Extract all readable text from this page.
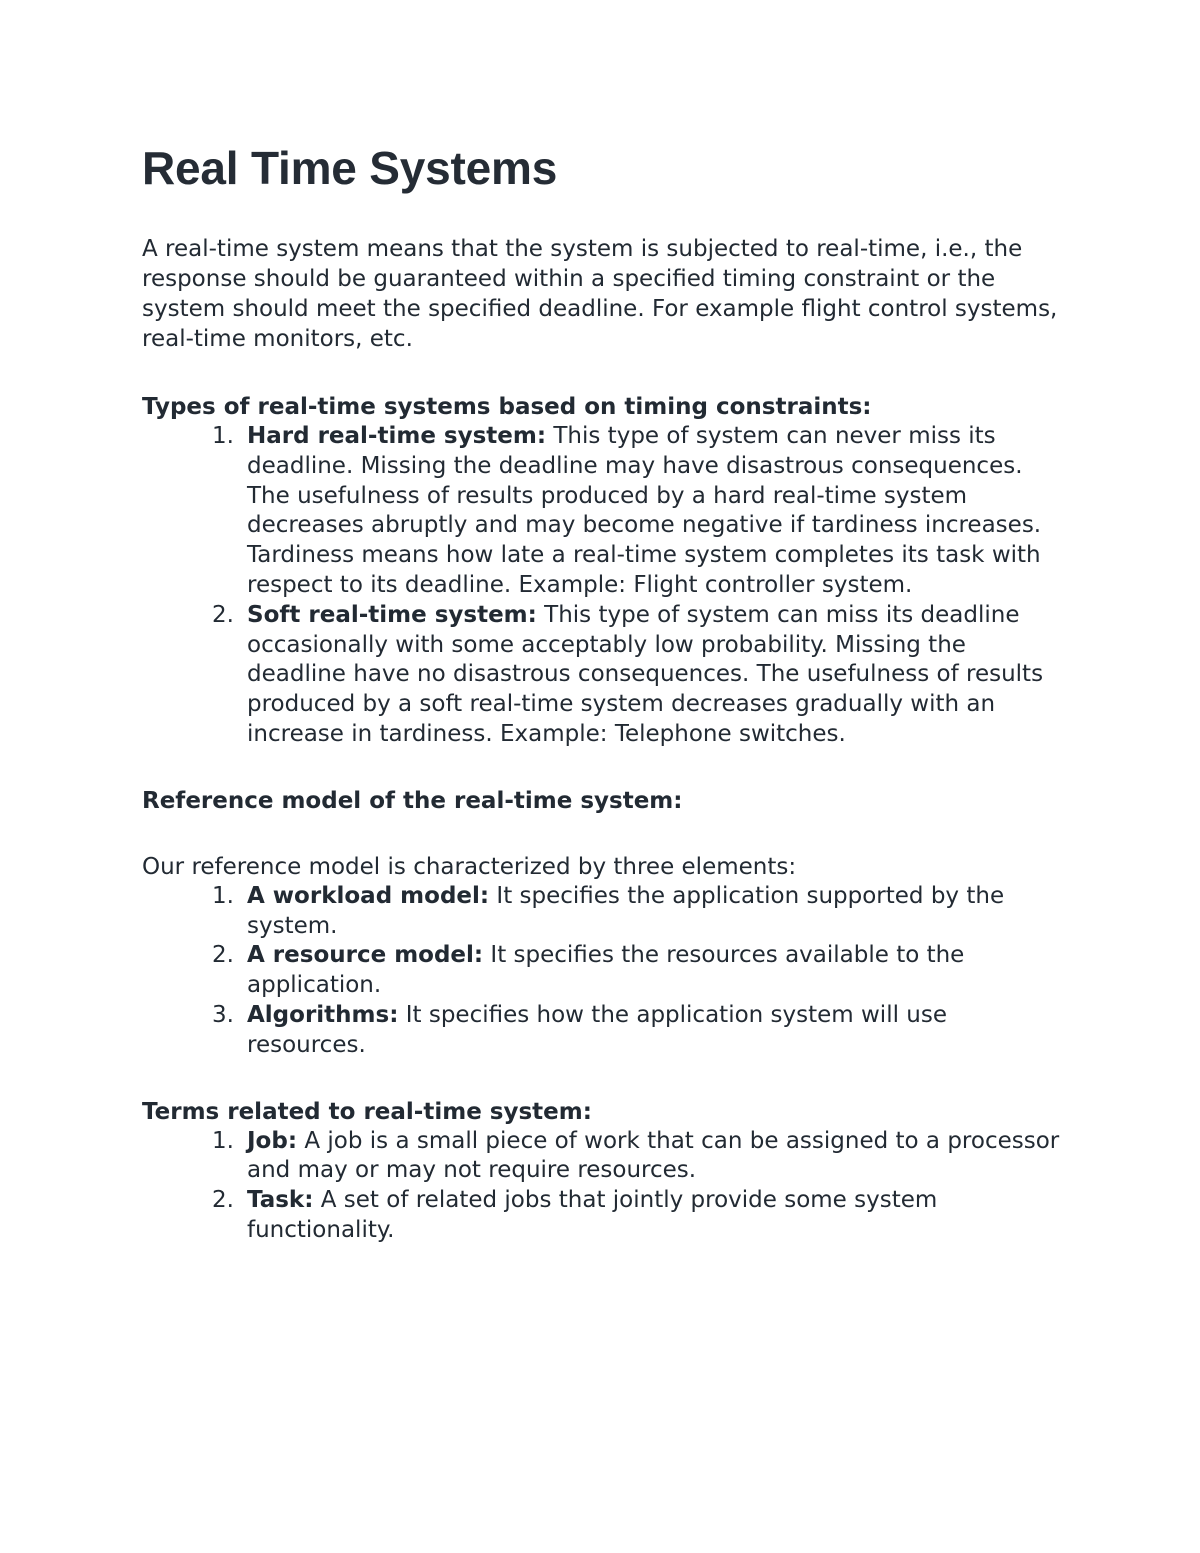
Real Time Systems

A real-time system means that the system is subjected to real-time, i.e., the response should be guaranteed within a specified timing constraint or the system should meet the specified deadline. For example flight control systems, real-time monitors, etc.

Types of real-time systems based on timing constraints:
1. Hard real-time system: This type of system can never miss its deadline. Missing the deadline may have disastrous consequences. The usefulness of results produced by a hard real-time system decreases abruptly and may become negative if tardiness increases. Tardiness means how late a real-time system completes its task with respect to its deadline. Example: Flight controller system.
2. Soft real-time system: This type of system can miss its deadline occasionally with some acceptably low probability. Missing the deadline have no disastrous consequences. The usefulness of results produced by a soft real-time system decreases gradually with an increase in tardiness. Example: Telephone switches.
Reference model of the real-time system:

Our reference model is characterized by three elements:

1. A workload model: It specifies the application supported by the system.
2. A resource model: It specifies the resources available to the application.
3. Algorithms: It specifies how the application system will use resources.
Terms related to real-time system:
1. Job: A job is a small piece of work that can be assigned to a processor and may or may not require resources.
2. Task: A set of related jobs that jointly provide some system functionality.
